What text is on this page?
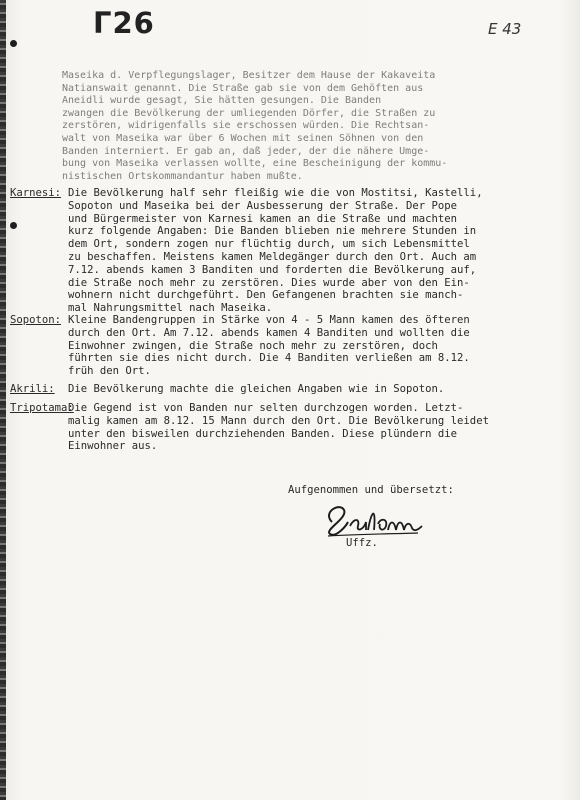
Γ26	E 43

Maseika d. Verpflegungslager, Besitzer dem Hause der Kakaveita

Natianswait genannt. Die Straße gab sie von dem Gehöften aus

Aneidli wurde gesagt, Sie hätten gesungen. Die Banden

zwangen die Bevölkerung der umliegenden Dörfer, die Straßen zu

zerstören, widrigenfalls sie erschossen würden. Die Rechtsan-

walt von Maseika war über 6 Wochen mit seinen Söhnen von den

Banden interniert. Er gab an, daß jeder, der die nähere Umge-

bung von Maseika verlassen wollte, eine Bescheinigung der kommu-

nistischen Ortskommandantur haben mußte.

Karnesi: Die Bevölkerung half sehr fleißig wie die von Mostitsi, Kastelli,

Sopoton und Maseika bei der Ausbesserung der Straße. Der Pope

und Bürgermeister von Karnesi kamen an die Straße und machten

kurz folgende Angaben: Die Banden blieben nie mehrere Stunden in

dem Ort, sondern zogen nur flüchtig durch, um sich Lebensmittel

zu beschaffen. Meistens kamen Meldegänger durch den Ort. Auch am

7.12. abends kamen 3 Banditen und forderten die Bevölkerung auf,

die Straße noch mehr zu zerstören. Dies wurde aber von den Ein-

wohnern nicht durchgeführt. Den Gefangenen brachten sie manch-

mal Nahrungsmittel nach Maseika.

Sopoton: Kleine Bandengruppen in Stärke von 4 - 5 Mann kamen des öfteren

durch den Ort. Am 7.12. abends kamen 4 Banditen und wollten die

Einwohner zwingen, die Straße noch mehr zu zerstören, doch

führten sie dies nicht durch. Die 4 Banditen verließen am 8.12.

früh den Ort.

Akrili:	Die Bevölkerung machte die gleichen Angaben wie in Sopoton.

Tripotama:

Die Gegend ist von Banden nur selten durchzogen worden. Letzt-

malig kamen am 8.12. 15 Mann durch den Ort. Die Bevölkerung leidet

unter den bisweilen durchziehenden Banden. Diese plündern die

Einwohner aus.

Aufgenommen und übersetzt:
Uffz.
